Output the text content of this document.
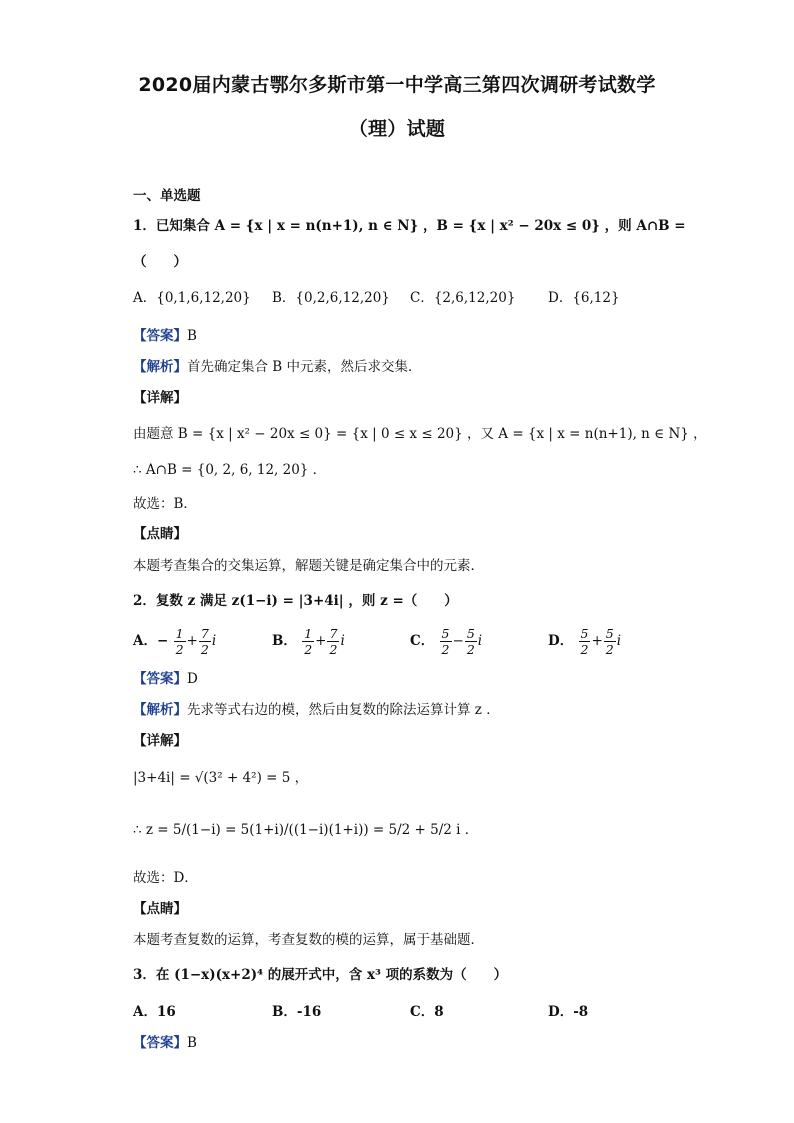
2020届内蒙古鄂尔多斯市第一中学高三第四次调研考试数学
（理）试题
一、单选题
1．已知集合 A = {x | x = n(n+1), n ∈ N} ，B = {x | x² − 20x ≤ 0} ，则 A∩B =
（　　）
A．{0,1,6,12,20} B．{0,2,6,12,20} C．{2,6,12,20} D．{6,12}
【答案】B
【解析】首先确定集合 B 中元素，然后求交集．
【详解】
由题意 B = {x | x² − 20x ≤ 0} = {x | 0 ≤ x ≤ 20} ，又 A = {x | x = n(n+1), n ∈ N} ，
∴ A∩B = {0, 2, 6, 12, 20} ．
故选：B．
【点睛】
本题考查集合的交集运算，解题关键是确定集合中的元素．
2．复数 z 满足 z(1−i) = |3+4i| ，则 z =（　　）
A．− $\frac{1}{2} + \frac{7}{2}$ i	B． $\frac{1}{2} + \frac{7}{2}$ i	C． $\frac{5}{2} - \frac{5}{2}$ i	D． $\frac{5}{2} + \frac{5}{2}$ i
【答案】D
【解析】先求等式右边的模，然后由复数的除法运算计算 z ．
【详解】
|3+4i| = √(3² + 4²) = 5 ，
∴ z = 5/(1−i) = 5(1+i)/((1−i)(1+i)) = 5/2 + 5/2 i ．
故选：D．
【点睛】
本题考查复数的运算，考查复数的模的运算，属于基础题．
3．在 (1−x)(x+2)⁴ 的展开式中，含 x³ 项的系数为（　　）
A．16	B．-16	C．8	D．-8
【答案】B
